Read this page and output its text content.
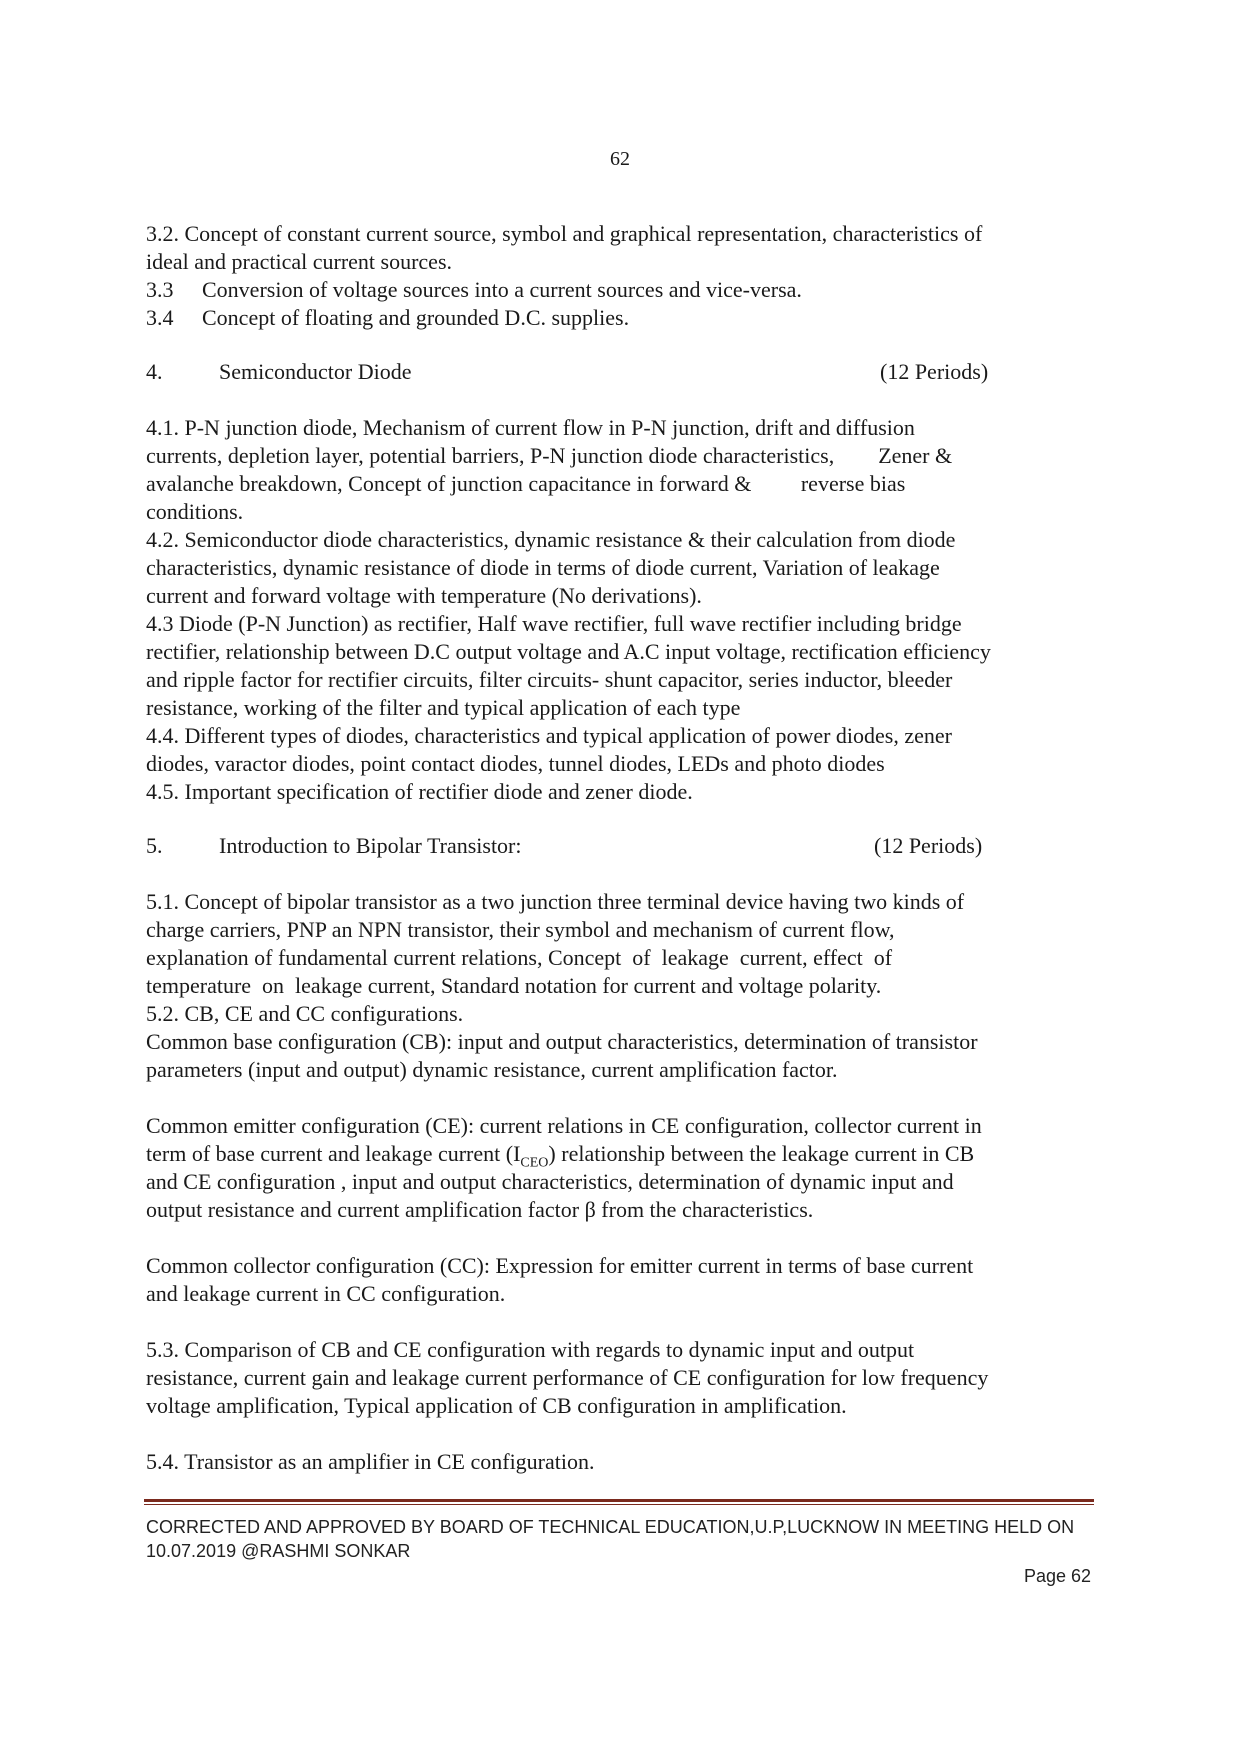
62
3.2. Concept of constant current source, symbol and graphical representation, characteristics of
ideal and practical current sources.
3.3 Conversion of voltage sources into a current sources and vice-versa.
3.4 Concept of floating and grounded D.C. supplies.
4.	Semiconductor Diode	(12 Periods)
4.1. P-N junction diode, Mechanism of current flow in P-N junction, drift and diffusion
currents, depletion layer, potential barriers, P-N junction diode characteristics,        Zener &
avalanche breakdown, Concept of junction capacitance in forward &         reverse bias
conditions.
4.2. Semiconductor diode characteristics, dynamic resistance & their calculation from diode
characteristics, dynamic resistance of diode in terms of diode current, Variation of leakage
current and forward voltage with temperature (No derivations).
4.3 Diode (P-N Junction) as rectifier, Half wave rectifier, full wave rectifier including bridge
rectifier, relationship between D.C output voltage and A.C input voltage, rectification efficiency
and ripple factor for rectifier circuits, filter circuits- shunt capacitor, series inductor, bleeder
resistance, working of the filter and typical application of each type
4.4. Different types of diodes, characteristics and typical application of power diodes, zener
diodes, varactor diodes, point contact diodes, tunnel diodes, LEDs and photo diodes
4.5. Important specification of rectifier diode and zener diode.
5.	Introduction to Bipolar Transistor:	(12 Periods)
5.1. Concept of bipolar transistor as a two junction three terminal device having two kinds of
charge carriers, PNP an NPN transistor, their symbol and mechanism of current flow,
explanation of fundamental current relations, Concept  of  leakage  current, effect  of
temperature  on  leakage current, Standard notation for current and voltage polarity.
5.2. CB, CE and CC configurations.
Common base configuration (CB): input and output characteristics, determination of transistor
parameters (input and output) dynamic resistance, current amplification factor.
Common emitter configuration (CE): current relations in CE configuration, collector current in
term of base current and leakage current $(I_{CEO})$ relationship between the leakage current in CB
and CE configuration , input and output characteristics, determination of dynamic input and
output resistance and current amplification factor β from the characteristics.
Common collector configuration (CC): Expression for emitter current in terms of base current
and leakage current in CC configuration.
5.3. Comparison of CB and CE configuration with regards to dynamic input and output
resistance, current gain and leakage current performance of CE configuration for low frequency
voltage amplification, Typical application of CB configuration in amplification.
5.4. Transistor as an amplifier in CE configuration.
CORRECTED AND APPROVED BY BOARD OF TECHNICAL EDUCATION,U.P,LUCKNOW IN MEETING HELD ON
10.07.2019 @RASHMI SONKAR
Page 62
